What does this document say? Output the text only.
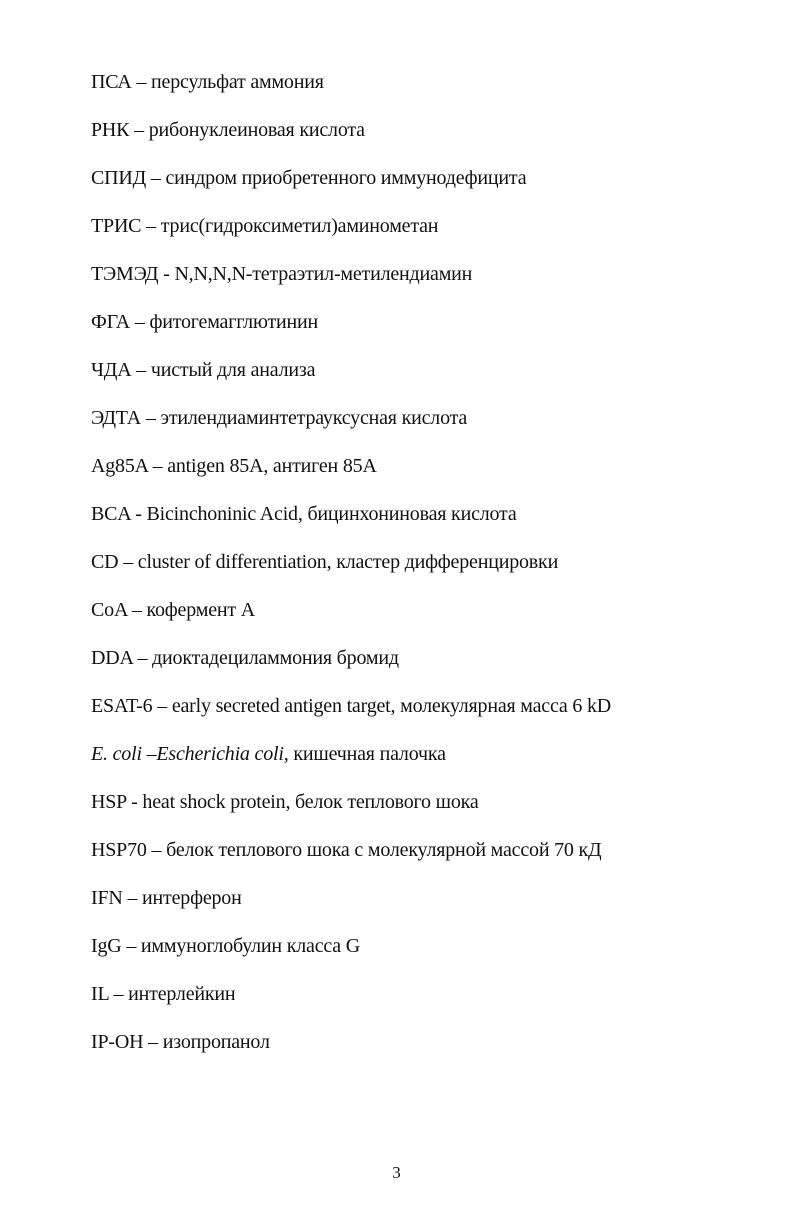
ПСА – персульфат аммония
РНК – рибонуклеиновая кислота
СПИД – синдром приобретенного иммунодефицита
ТРИС – трис(гидроксиметил)аминометан
ТЭМЭД - N,N,N,N-тетраэтил-метилендиамин
ФГА – фитогемагглютинин
ЧДА – чистый для анализа
ЭДТА – этилендиаминтетрауксусная кислота
Ag85A – antigen 85A, антиген 85A
BCA - Bicinchoninic Acid, бицинхониновая кислота
CD – cluster of differentiation, кластер дифференцировки
CoA – кофермент А
DDA – диоктадециламмония бромид
ESAT-6 – early secreted antigen target, молекулярная масса 6 kD
E. coli –Escherichia coli, кишечная палочка
HSP - heat shock protein, белок теплового шока
HSP70 – белок теплового шока с молекулярной массой 70 кД
IFN – интерферон
IgG – иммуноглобулин класса G
IL – интерлейкин
IP-OH – изопропанол
3
